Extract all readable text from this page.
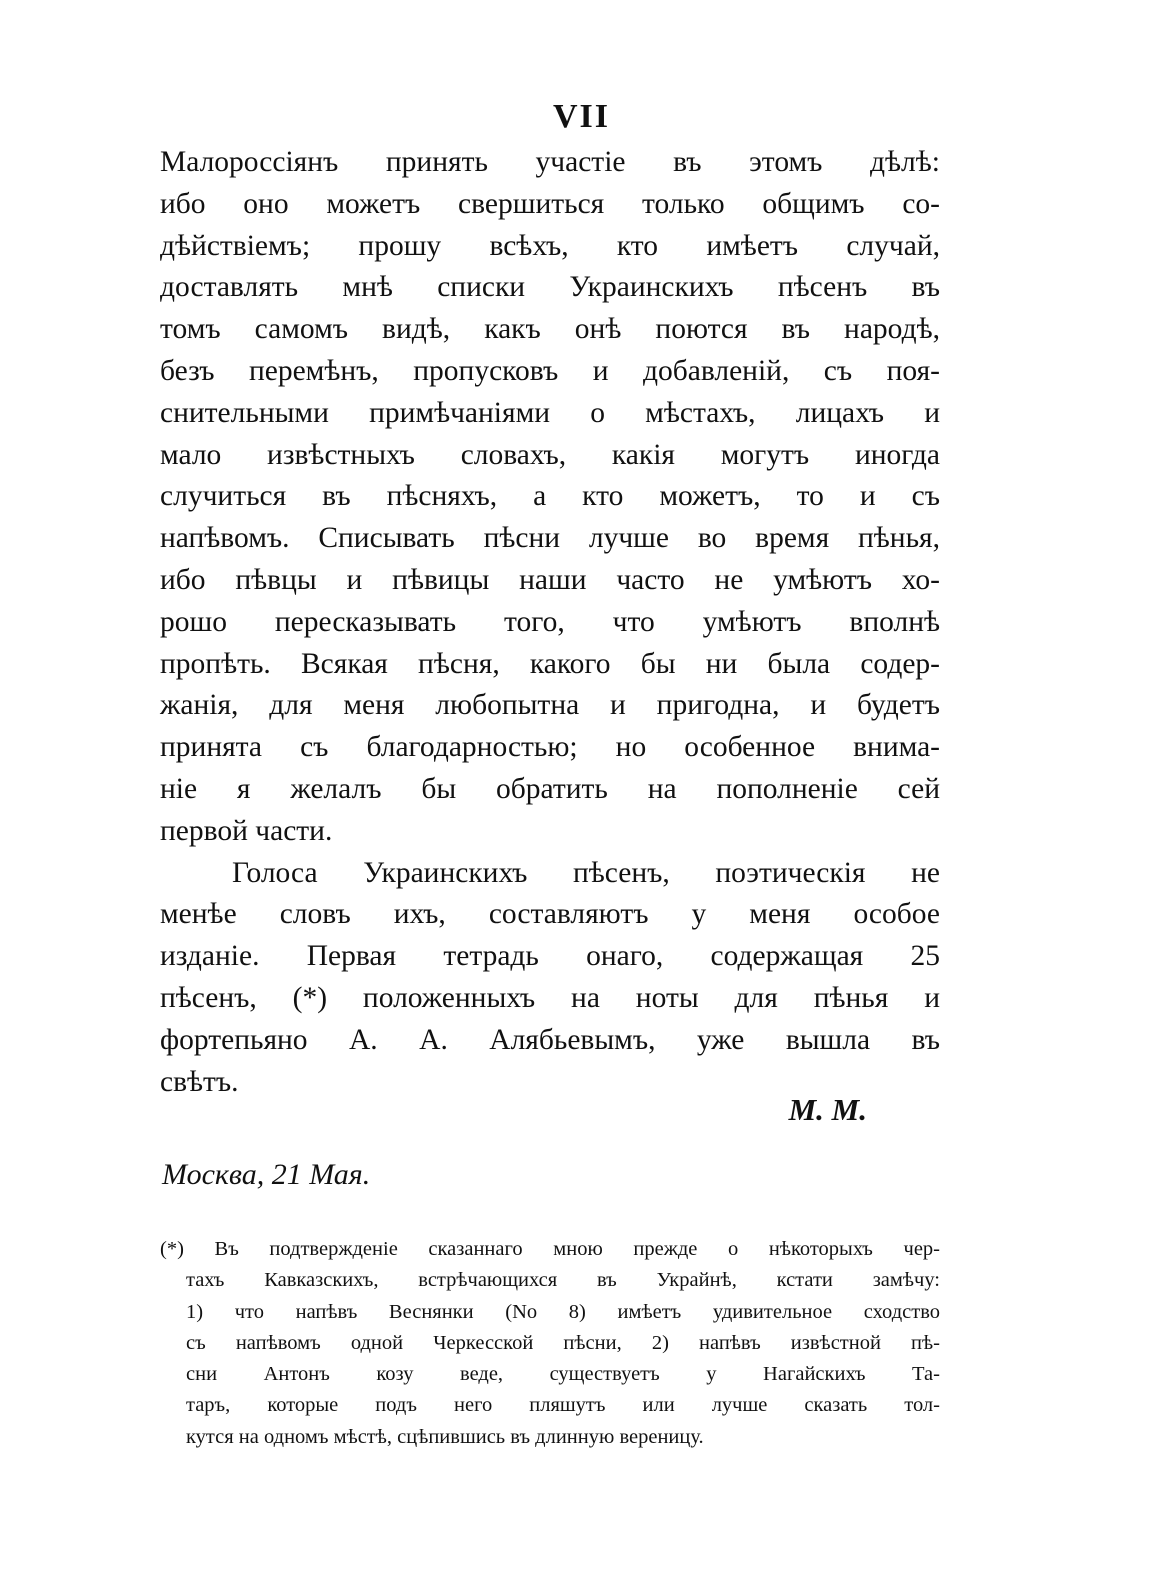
VII
Малороссіянъ принять участіе въ этомъ дѣлѣ:
ибо оно можетъ свершиться только общимъ со-
дѣйствіемъ; прошу всѣхъ, кто имѣетъ случай,
доставлять мнѣ списки Украинскихъ пѣсенъ въ
томъ самомъ видѣ, какъ онѣ поются въ народѣ,
безъ перемѣнъ, пропусковъ и добавленій, съ поя-
снительными примѣчаніями о мѣстахъ, лицахъ и
мало извѣстныхъ словахъ, какія могутъ иногда
случиться въ пѣсняхъ, а кто можетъ, то и съ
напѣвомъ. Списывать пѣсни лучше во время пѣнья,
ибо пѣвцы и пѣвицы наши часто не умѣютъ хо-
рошо пересказывать того, что умѣютъ вполнѣ
пропѣть. Всякая пѣсня, какого бы ни была содер-
жанія, для меня любопытна и пригодна, и будетъ
принята съ благодарностью; но особенное внима-
ніе я желалъ бы обратить на пополненіе сей
первой части.
Голоса Украинскихъ пѣсенъ, поэтическія не
менѣе словъ ихъ, составляютъ у меня особое
изданіе. Первая тетрадь онаго, содержащая 25
пѣсенъ, (*) положенныхъ на ноты для пѣнья и
фортепьяно А. А. Алябьевымъ, уже вышла въ
свѣтъ.
М. М.
Москва, 21 Мая.
(*) Въ подтвержденіе сказаннаго мною прежде о нѣкоторыхъ чер-
тахъ Кавказскихъ, встрѣчающихся въ Украйнѣ, кстати замѣчу:
1) что напѣвъ Веснянки (No 8) имѣетъ удивительное сходство
съ напѣвомъ одной Черкесской пѣсни, 2) напѣвъ извѣстной пѣ-
сни Антонъ козу веде, существуетъ у Нагайскихъ Та-
таръ, которые подъ него пляшутъ или лучше сказать тол-
кутся на одномъ мѣстѣ, сцѣпившись въ длинную вереницу.
